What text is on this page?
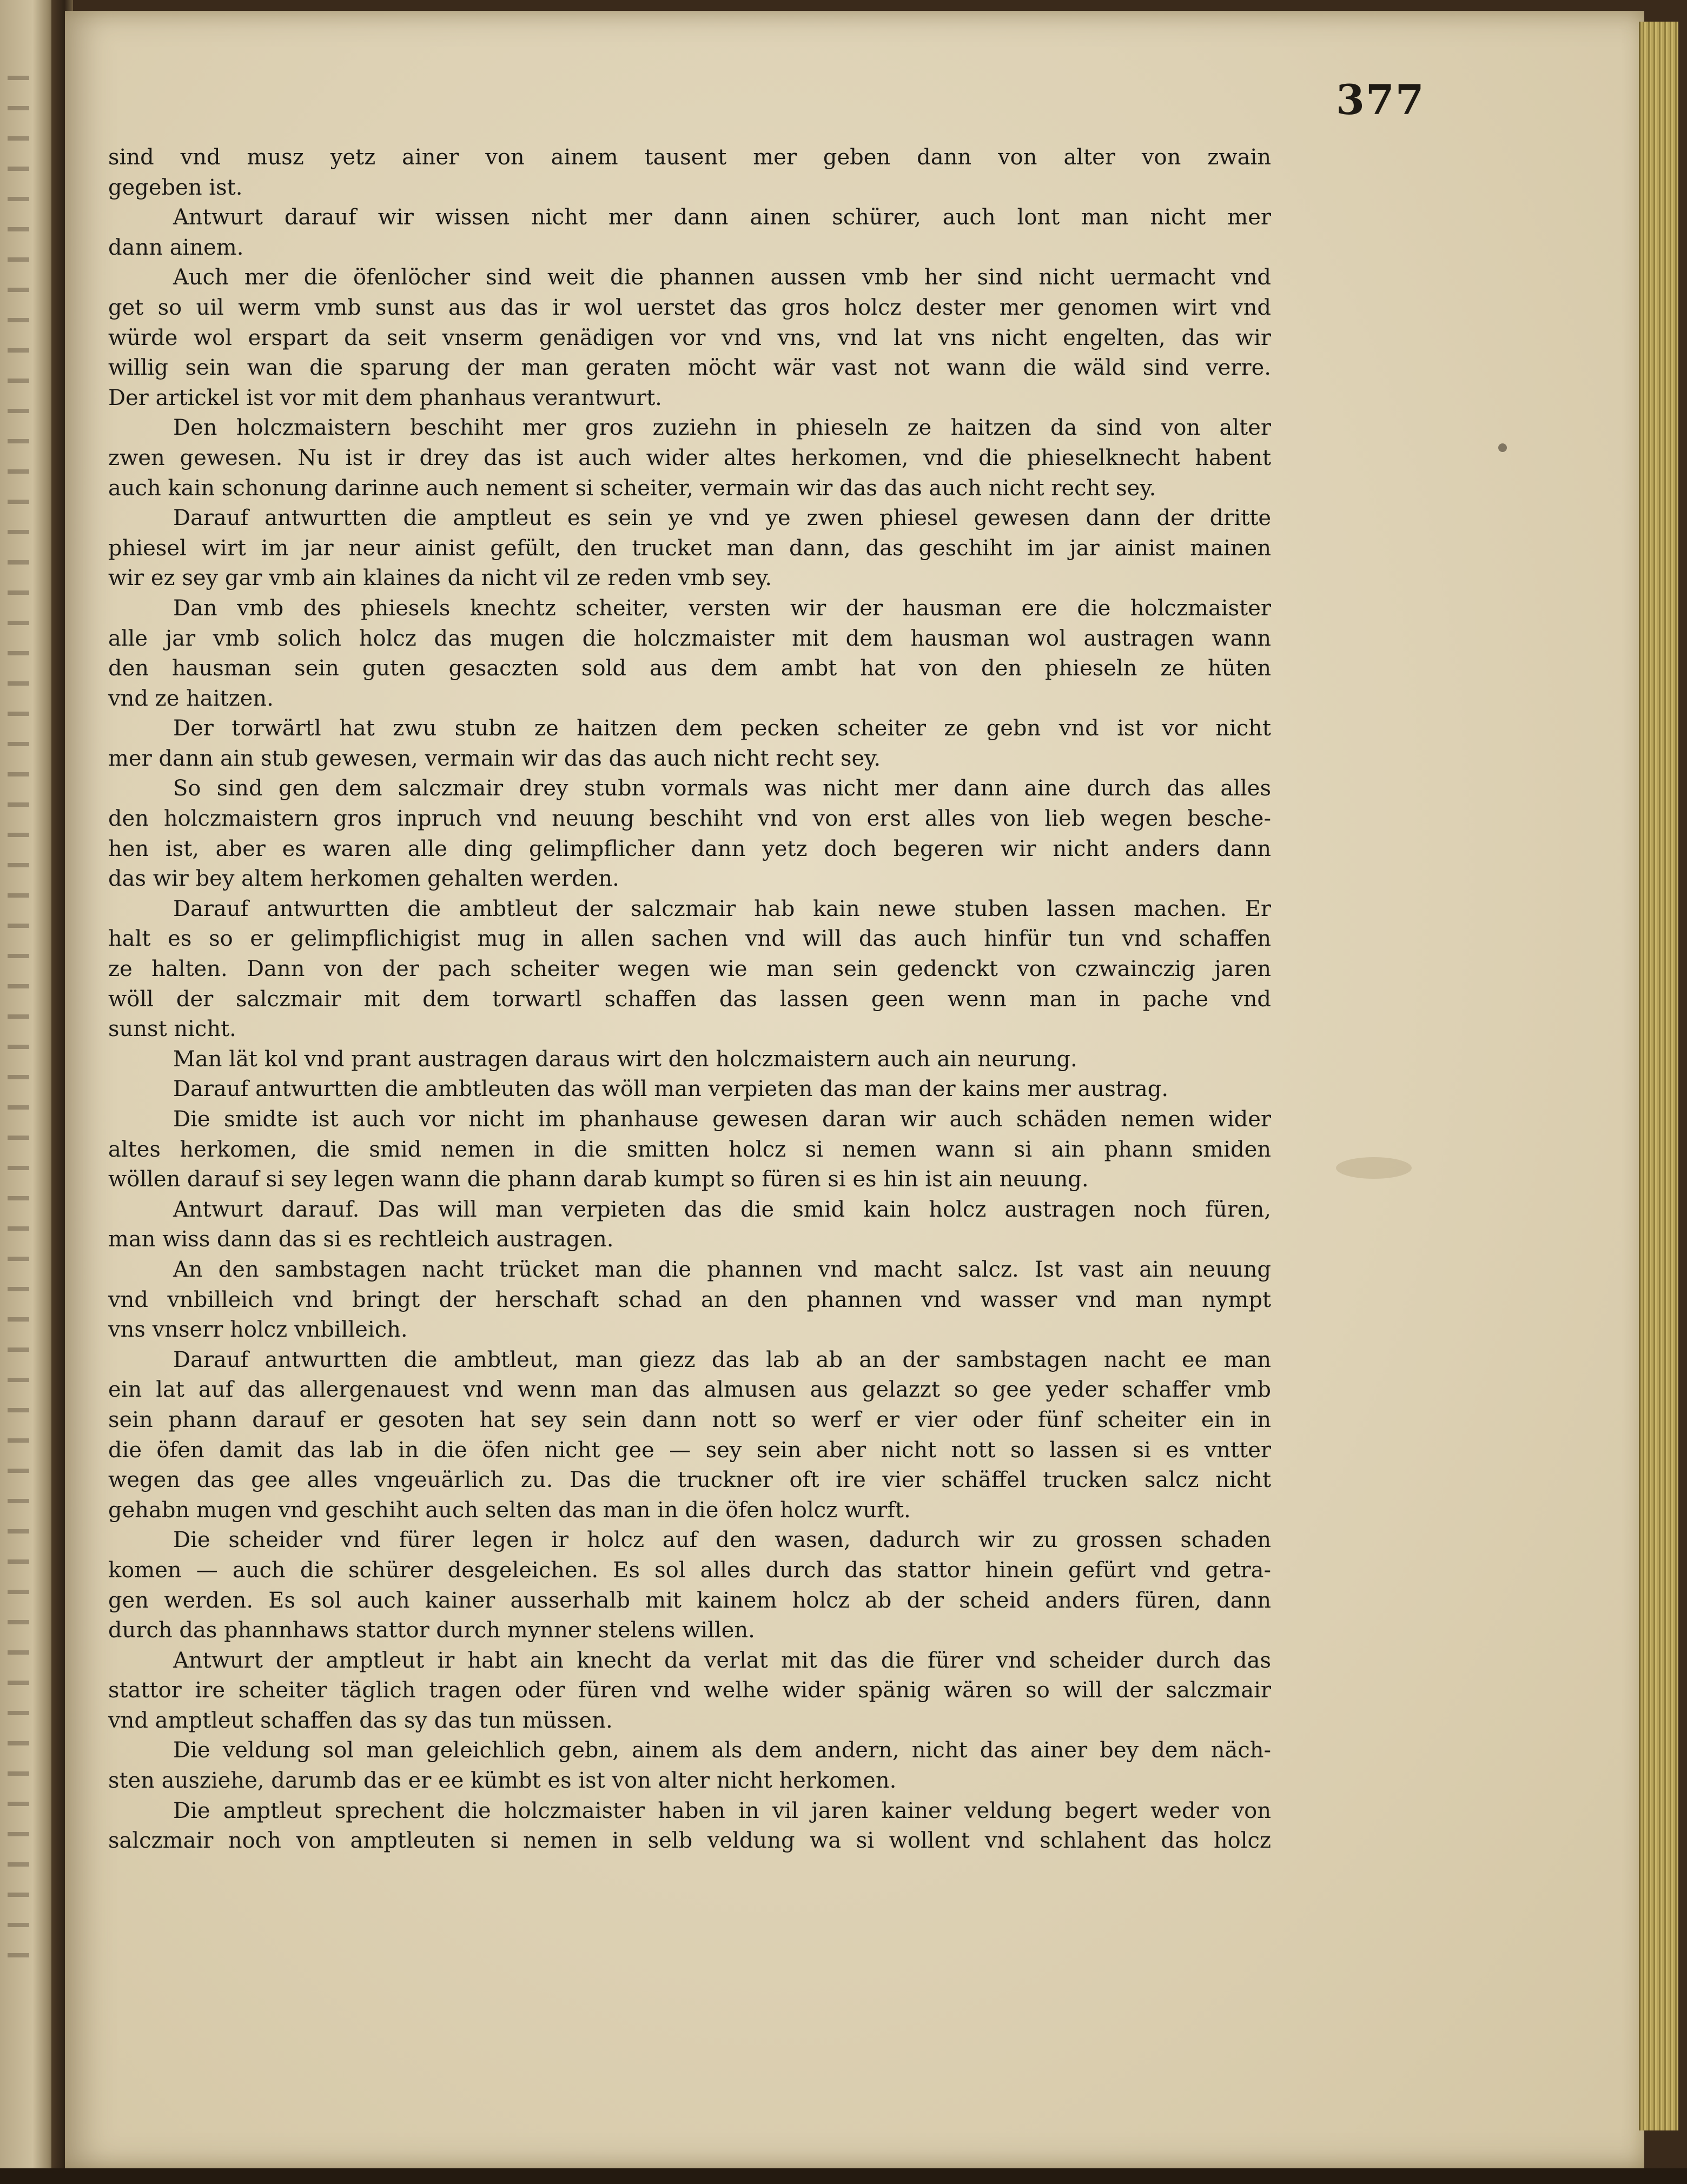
377
sind vnd musz yetz ainer von ainem tausent mer geben dann von alter von zwain
gegeben ist.
Antwurt darauf wir wissen nicht mer dann ainen schürer, auch lont man nicht mer
dann ainem.
Auch mer die öfenlöcher sind weit die phannen aussen vmb her sind nicht uermacht vnd
get so uil werm vmb sunst aus das ir wol uerstet das gros holcz dester mer genomen wirt vnd
würde wol erspart da seit vnserm genädigen vor vnd vns, vnd lat vns nicht engelten, das wir
willig sein wan die sparung der man geraten möcht wär vast not wann die wäld sind verre.
Der artickel ist vor mit dem phanhaus verantwurt.
Den holczmaistern beschiht mer gros zuziehn in phieseln ze haitzen da sind von alter
zwen gewesen. Nu ist ir drey das ist auch wider altes herkomen, vnd die phieselknecht habent
auch kain schonung darinne auch nement si scheiter, vermain wir das das auch nicht recht sey.
Darauf antwurtten die amptleut es sein ye vnd ye zwen phiesel gewesen dann der dritte
phiesel wirt im jar neur ainist gefült, den trucket man dann, das geschiht im jar ainist mainen
wir ez sey gar vmb ain klaines da nicht vil ze reden vmb sey.
Dan vmb des phiesels knechtz scheiter, versten wir der hausman ere die holczmaister
alle jar vmb solich holcz das mugen die holczmaister mit dem hausman wol austragen wann
den hausman sein guten gesaczten sold aus dem ambt hat von den phieseln ze hüten
vnd ze haitzen.
Der torwärtl hat zwu stubn ze haitzen dem pecken scheiter ze gebn vnd ist vor nicht
mer dann ain stub gewesen, vermain wir das das auch nicht recht sey.
So sind gen dem salczmair drey stubn vormals was nicht mer dann aine durch das alles
den holczmaistern gros inpruch vnd neuung beschiht vnd von erst alles von lieb wegen besche-
hen ist, aber es waren alle ding gelimpflicher dann yetz doch begeren wir nicht anders dann
das wir bey altem herkomen gehalten werden.
Darauf antwurtten die ambtleut der salczmair hab kain newe stuben lassen machen. Er
halt es so er gelimpflichigist mug in allen sachen vnd will das auch hinfür tun vnd schaffen
ze halten. Dann von der pach scheiter wegen wie man sein gedenckt von czwainczig jaren
wöll der salczmair mit dem torwartl schaffen das lassen geen wenn man in pache vnd
sunst nicht.
Man lät kol vnd prant austragen daraus wirt den holczmaistern auch ain neurung.
Darauf antwurtten die ambtleuten das wöll man verpieten das man der kains mer austrag.
Die smidte ist auch vor nicht im phanhause gewesen daran wir auch schäden nemen wider
altes herkomen, die smid nemen in die smitten holcz si nemen wann si ain phann smiden
wöllen darauf si sey legen wann die phann darab kumpt so füren si es hin ist ain neuung.
Antwurt darauf. Das will man verpieten das die smid kain holcz austragen noch füren,
man wiss dann das si es rechtleich austragen.
An den sambstagen nacht trücket man die phannen vnd macht salcz. Ist vast ain neuung
vnd vnbilleich vnd bringt der herschaft schad an den phannen vnd wasser vnd man nympt
vns vnserr holcz vnbilleich.
Darauf antwurtten die ambtleut, man giezz das lab ab an der sambstagen nacht ee man
ein lat auf das allergenauest vnd wenn man das almusen aus gelazzt so gee yeder schaffer vmb
sein phann darauf er gesoten hat sey sein dann nott so werf er vier oder fünf scheiter ein in
die öfen damit das lab in die öfen nicht gee — sey sein aber nicht nott so lassen si es vntter
wegen das gee alles vngeuärlich zu. Das die truckner oft ire vier schäffel trucken salcz nicht
gehabn mugen vnd geschiht auch selten das man in die öfen holcz wurft.
Die scheider vnd fürer legen ir holcz auf den wasen, dadurch wir zu grossen schaden
komen — auch die schürer desgeleichen. Es sol alles durch das stattor hinein gefürt vnd getra-
gen werden. Es sol auch kainer ausserhalb mit kainem holcz ab der scheid anders füren, dann
durch das phannhaws stattor durch mynner stelens willen.
Antwurt der amptleut ir habt ain knecht da verlat mit das die fürer vnd scheider durch das
stattor ire scheiter täglich tragen oder füren vnd welhe wider spänig wären so will der salczmair
vnd amptleut schaffen das sy das tun müssen.
Die veldung sol man geleichlich gebn, ainem als dem andern, nicht das ainer bey dem näch-
sten ausziehe, darumb das er ee kümbt es ist von alter nicht herkomen.
Die amptleut sprechent die holczmaister haben in vil jaren kainer veldung begert weder von
salczmair noch von amptleuten si nemen in selb veldung wa si wollent vnd schlahent das holcz
